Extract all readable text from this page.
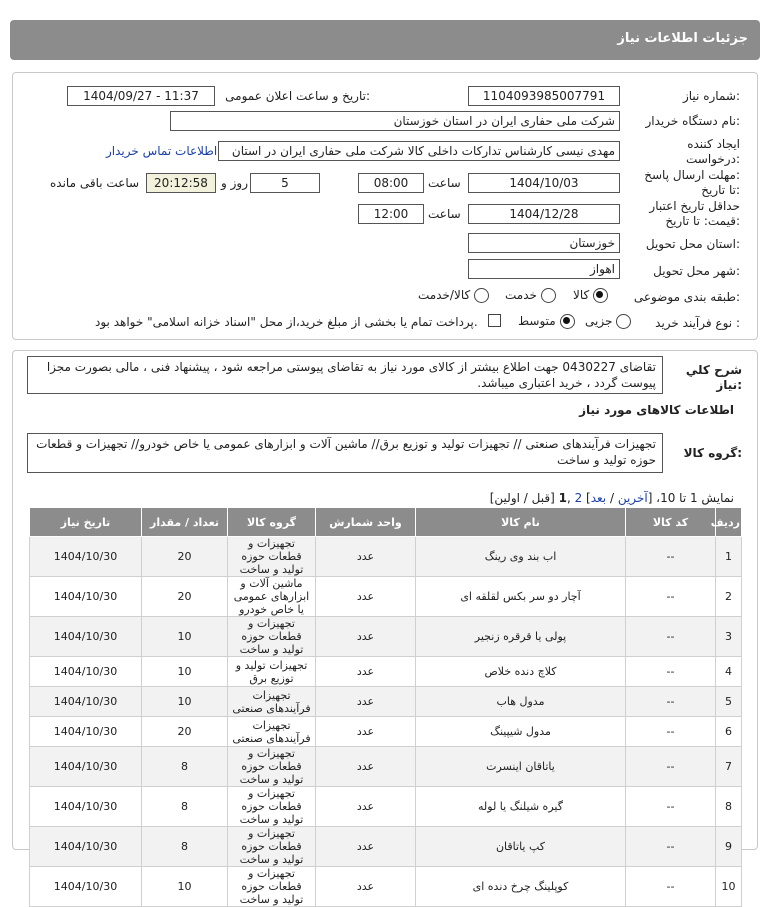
جزئیات اطلاعات نیاز
شماره نیاز:
1104093985007791
تاریخ و ساعت اعلان عمومی:
1404/09/27 - 11:37
نام دستگاه خریدار:
شرکت ملی حفاری ایران در استان خوزستان
ایجاد کننده
درخواست:
مهدی نیسی کارشناس تدارکات داخلی کالا شرکت ملی حفاری ایران در استان
اطلاعات تماس خریدار
مهلت ارسال پاسخ:
تا تاریخ:
1404/10/03
ساعت
08:00
5
روز و
20:12:58
ساعت باقی مانده
حداقل تاریخ اعتبار
قیمت: تا تاریخ:
1404/12/28
ساعت
12:00
استان محل تحویل:
خوزستان
شهر محل تحویل:
اهواز
طبقه بندی موضوعی:
کالا
خدمت
کالا/خدمت
نوع فرآیند خرید :
جزیی
متوسط
پرداخت تمام یا بخشی از مبلغ خرید،از محل "اسناد خزانه اسلامی" خواهد بود.
شرح کلي
نياز:
تقاضای 0430227 جهت اطلاع بیشتر از کالای مورد نیاز به تقاضای پیوستی مراجعه شود ، پیشنهاد فنی ، مالی بصورت مجزا پیوست گردد ، خرید اعتباری میباشد.
اطلاعات کالاهای مورد نیاز
گروه کالا:
تجهیزات فرآیندهای صنعتی // تجهیزات تولید و توزیع برق// ماشین آلات و ابزارهای عمومی یا خاص خودرو// تجهیزات و قطعات حوزه تولید و ساخت
نمایش 1 تا 10، [آخرین / بعد] 2 ,1 [قبل / اولین]
ردیف	کد کالا	نام کالا	واحد شمارش	گروه کالا	تعداد / مقدار	تاریخ نیاز
1	--	اب بند وی رینگ	عدد	تجهیزات و قطعات حوزه تولید و ساخت	20	1404/10/30
2	--	آچار دو سر بکس لقلقه ای	عدد	ماشین آلات و ابزارهای عمومی یا خاص خودرو	20	1404/10/30
3	--	پولی یا قرقره زنجیر	عدد	تجهیزات و قطعات حوزه تولید و ساخت	10	1404/10/30
4	--	کلاچ دنده خلاص	عدد	تجهیزات تولید و توزیع برق	10	1404/10/30
5	--	مدول هاب	عدد	تجهیزات فرآیندهای صنعتی	10	1404/10/30
6	--	مدول شیپینگ	عدد	تجهیزات فرآیندهای صنعتی	20	1404/10/30
7	--	یاتاقان اینسرت	عدد	تجهیزات و قطعات حوزه تولید و ساخت	8	1404/10/30
8	--	گیره شیلنگ یا لوله	عدد	تجهیزات و قطعات حوزه تولید و ساخت	8	1404/10/30
9	--	کپ یاتاقان	عدد	تجهیزات و قطعات حوزه تولید و ساخت	8	1404/10/30
10	--	کوپلینگ چرخ دنده ای	عدد	تجهیزات و قطعات حوزه تولید و ساخت	10	1404/10/30
